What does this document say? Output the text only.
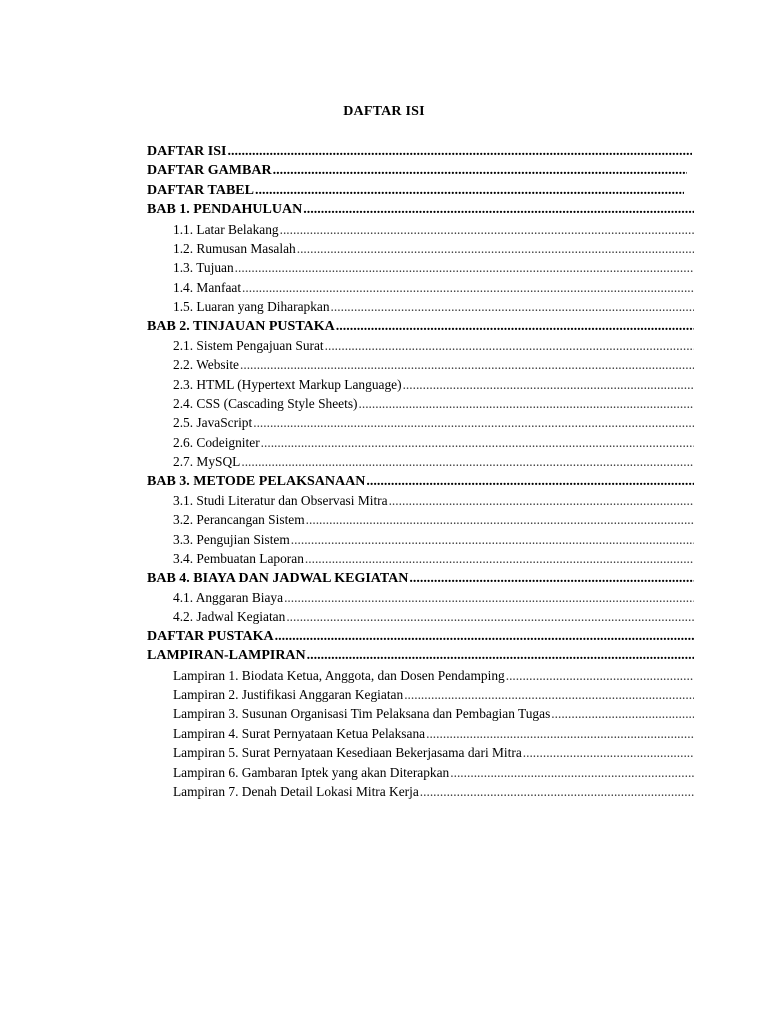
DAFTAR ISI
DAFTAR ISI
.....
DAFTAR GAMBAR
.....
DAFTAR TABEL
.....
BAB 1. PENDAHULUAN
.....
1.1. Latar Belakang
.....
1.2. Rumusan Masalah
.....
1.3. Tujuan
.....
1.4. Manfaat
.....
1.5. Luaran yang Diharapkan
.....
BAB 2. TINJAUAN PUSTAKA
.....
2.1. Sistem Pengajuan Surat
.....
2.2. Website
.....
2.3. HTML (Hypertext Markup Language)
.....
2.4. CSS (Cascading Style Sheets)
.....
2.5. JavaScript
.....
2.6. Codeigniter
.....
2.7. MySQL
.....
BAB 3. METODE PELAKSANAAN
.....
3.1. Studi Literatur dan Observasi Mitra
.....
3.2. Perancangan Sistem
.....
3.3. Pengujian Sistem
.....
3.4. Pembuatan Laporan
.....
BAB 4. BIAYA DAN JADWAL KEGIATAN
.....
4.1. Anggaran Biaya
.....
4.2. Jadwal Kegiatan
.....
DAFTAR PUSTAKA
.....
LAMPIRAN-LAMPIRAN
.....
Lampiran 1. Biodata Ketua, Anggota, dan Dosen Pendamping
.....
Lampiran 2. Justifikasi Anggaran Kegiatan
.....
Lampiran 3. Susunan Organisasi Tim Pelaksana dan Pembagian Tugas
.....
Lampiran 4. Surat Pernyataan Ketua Pelaksana
.....
Lampiran 5. Surat Pernyataan Kesediaan Bekerjasama dari Mitra
.....
Lampiran 6. Gambaran Iptek yang akan Diterapkan
.....
Lampiran 7. Denah Detail Lokasi Mitra Kerja
.....
